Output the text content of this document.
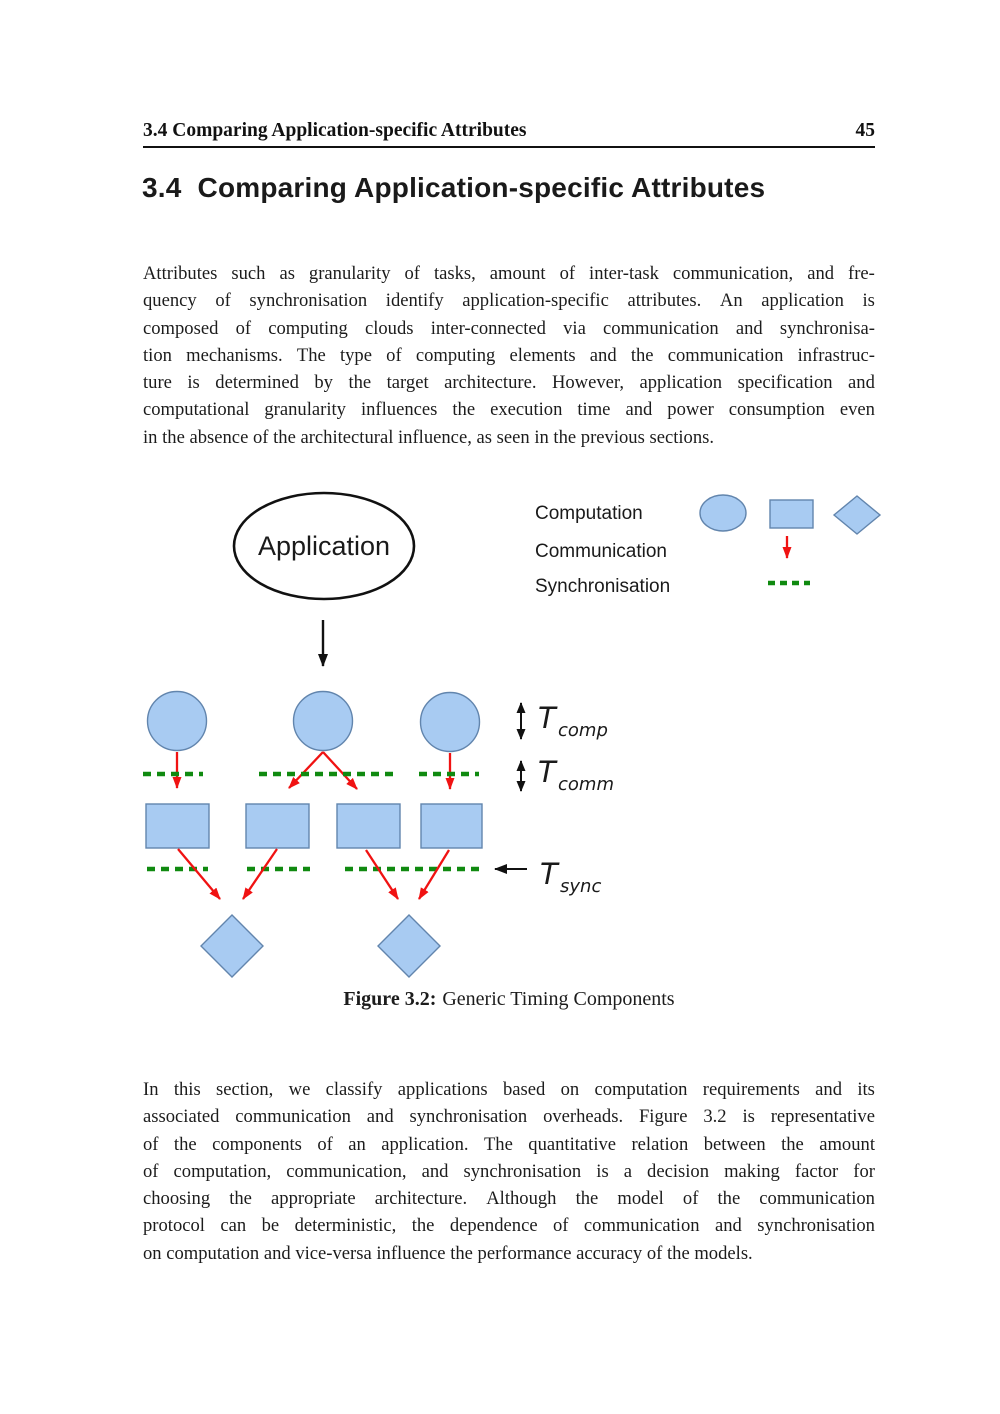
3.4 Comparing Application-specific Attributes	45
3.4 Comparing Application-specific Attributes
Attributes such as granularity of tasks, amount of inter-task communication, and fre-
quency of synchronisation identify application-specific attributes. An application is
composed of computing clouds inter-connected via communication and synchronisa-
tion mechanisms. The type of computing elements and the communication infrastruc-
ture is determined by the target architecture. However, application specification and
computational granularity influences the execution time and power consumption even
in the absence of the architectural influence, as seen in the previous sections.
Application
Computation
Communication
Synchronisation
T comp
T comm
T sync
Figure 3.2: Generic Timing Components
In this section, we classify applications based on computation requirements and its
associated communication and synchronisation overheads. Figure 3.2 is representative
of the components of an application. The quantitative relation between the amount
of computation, communication, and synchronisation is a decision making factor for
choosing the appropriate architecture. Although the model of the communication
protocol can be deterministic, the dependence of communication and synchronisation
on computation and vice-versa influence the performance accuracy of the models.
